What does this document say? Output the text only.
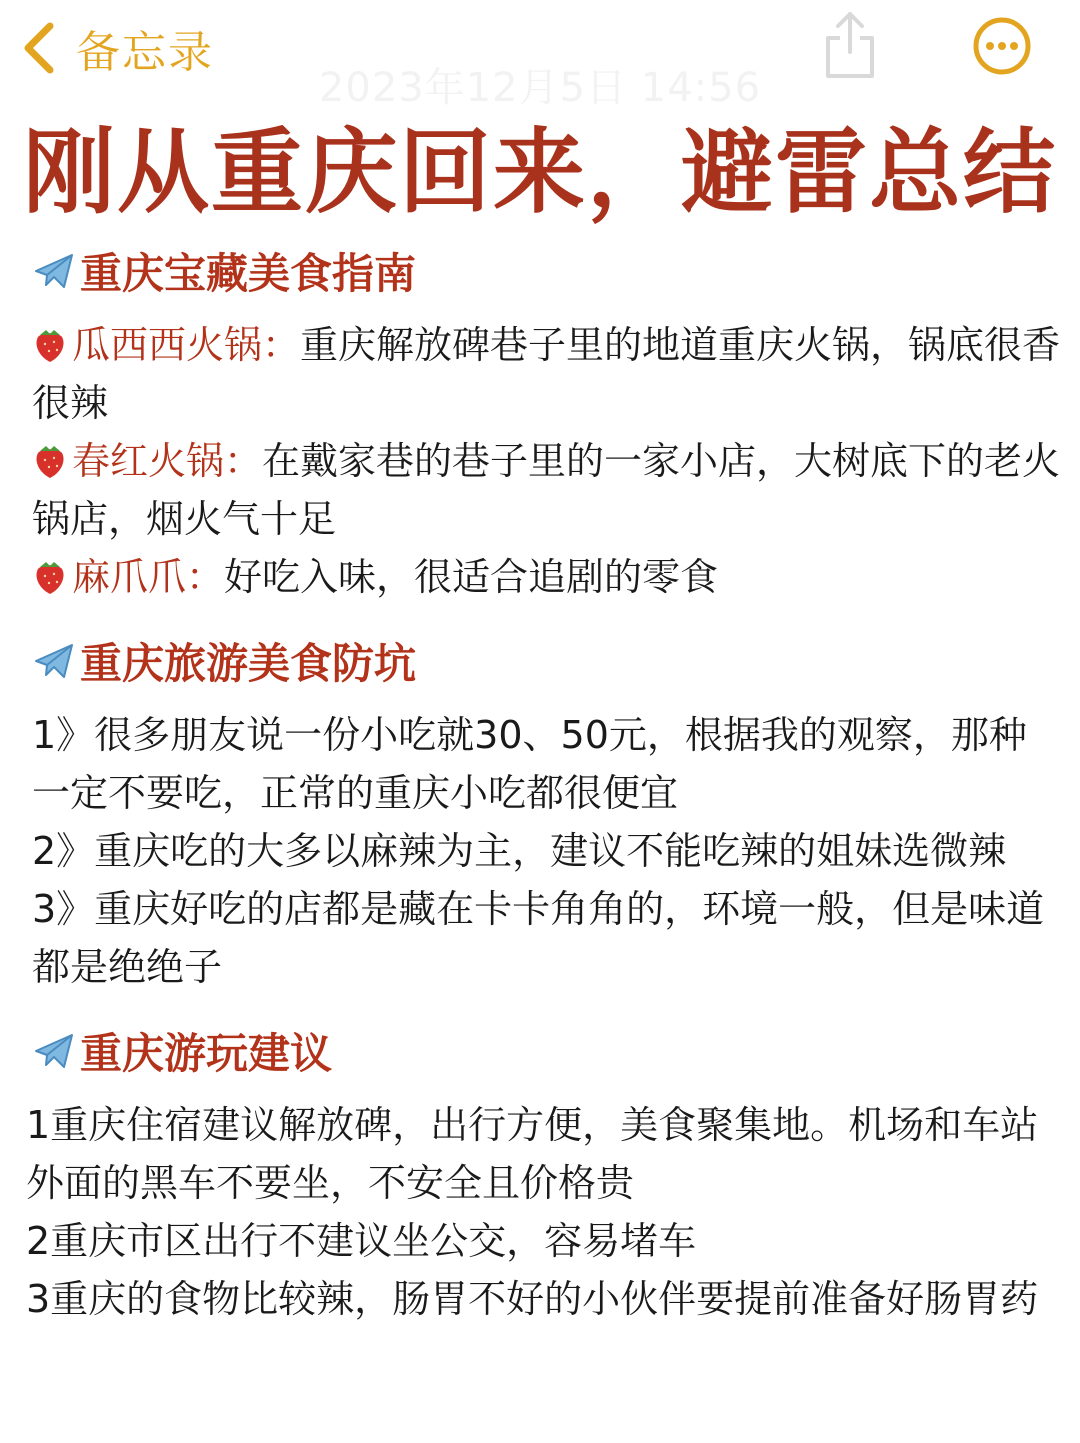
备忘录
2023年12月5日 14:56
刚从重庆回来，避雷总结
重庆宝藏美食指南
瓜西西火锅：重庆解放碑巷子里的地道重庆火锅，锅底很香很辣
春红火锅：在戴家巷的巷子里的一家小店，大树底下的老火锅店，烟火气十足
麻爪爪：好吃入味，很适合追剧的零食
重庆旅游美食防坑
1》很多朋友说一份小吃就30、50元，根据我的观察，那种一定不要吃，正常的重庆小吃都很便宜
2》重庆吃的大多以麻辣为主，建议不能吃辣的姐妹选微辣
3》重庆好吃的店都是藏在卡卡角角的，环境一般，但是味道都是绝绝子
重庆游玩建议
1重庆住宿建议解放碑，出行方便，美食聚集地。机场和车站外面的黑车不要坐，不安全且价格贵
2重庆市区出行不建议坐公交，容易堵车
3重庆的食物比较辣，肠胃不好的小伙伴要提前准备好肠胃药
